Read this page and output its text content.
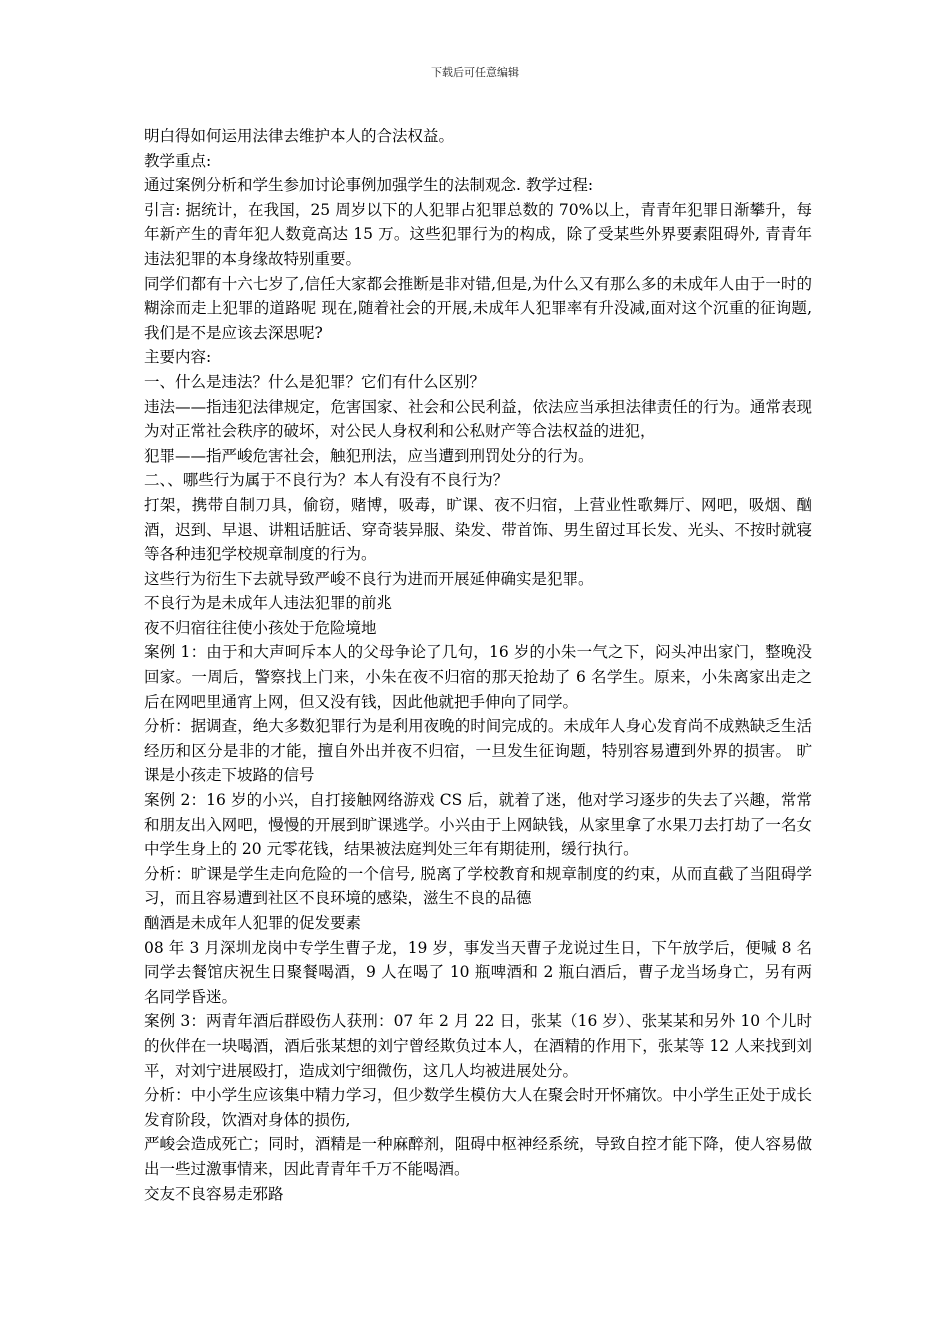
下载后可任意编辑

明白得如何运用法律去维护本人的合法权益。

教学重点:

通过案例分析和学生参加讨论事例加强学生的法制观念. 教学过程:

引言: 据统计，在我国，25 周岁以下的人犯罪占犯罪总数的 70%以上，青青年犯罪日渐攀升，每年新产生的青年犯人数竟高达 15 万。这些犯罪行为的构成，除了受某些外界要素阻碍外, 青青年违法犯罪的本身缘故特别重要。

同学们都有十六七岁了,信任大家都会推断是非对错,但是,为什么又有那么多的未成年人由于一时的糊涂而走上犯罪的道路呢 现在,随着社会的开展,未成年人犯罪率有升没减,面对这个沉重的征询题,我们是不是应该去深思呢?

主要内容:

一、什么是违法？什么是犯罪？它们有什么区别？

违法——指违犯法律规定，危害国家、社会和公民利益，依法应当承担法律责任的行为。通常表现为对正常社会秩序的破坏，对公民人身权利和公私财产等合法权益的进犯，

犯罪——指严峻危害社会，触犯刑法，应当遭到刑罚处分的行为。

二、、哪些行为属于不良行为？本人有没有不良行为？

打架，携带自制刀具，偷窃，赌博，吸毒，旷课、夜不归宿，上营业性歌舞厅、网吧，吸烟、酗酒，迟到、早退、讲粗话脏话、穿奇装异服、染发、带首饰、男生留过耳长发、光头、不按时就寝等各种违犯学校规章制度的行为。

这些行为衍生下去就导致严峻不良行为进而开展延伸确实是犯罪。

不良行为是未成年人违法犯罪的前兆

夜不归宿往往使小孩处于危险境地

案例 1：由于和大声呵斥本人的父母争论了几句，16 岁的小朱一气之下，闷头冲出家门，整晚没回家。一周后，警察找上门来，小朱在夜不归宿的那天抢劫了 6 名学生。原来，小朱离家出走之后在网吧里通宵上网，但又没有钱，因此他就把手伸向了同学。

分析：据调查，绝大多数犯罪行为是利用夜晚的时间完成的。未成年人身心发育尚不成熟缺乏生活经历和区分是非的才能，擅自外出并夜不归宿，一旦发生征询题，特别容易遭到外界的损害。 旷课是小孩走下坡路的信号

案例 2：16 岁的小兴，自打接触网络游戏 CS 后，就着了迷，他对学习逐步的失去了兴趣，常常和朋友出入网吧，慢慢的开展到旷课逃学。小兴由于上网缺钱，从家里拿了水果刀去打劫了一名女中学生身上的 20 元零花钱，结果被法庭判处三年有期徒刑，缓行执行。

分析：旷课是学生走向危险的一个信号, 脱离了学校教育和规章制度的约束，从而直截了当阻碍学习，而且容易遭到社区不良环境的感染，滋生不良的品德

酗酒是未成年人犯罪的促发要素

08 年 3 月深圳龙岗中专学生曹子龙，19 岁，事发当天曹子龙说过生日，下午放学后，便喊 8 名同学去餐馆庆祝生日聚餐喝酒，9 人在喝了 10 瓶啤酒和 2 瓶白酒后，曹子龙当场身亡，另有两名同学昏迷。

案例 3：两青年酒后群殴伤人获刑：07 年 2 月 22 日，张某（16 岁）、张某某和另外 10 个儿时的伙伴在一块喝酒，酒后张某想的刘宁曾经欺负过本人，在酒精的作用下，张某等 12 人来找到刘平，对刘宁进展殴打，造成刘宁细微伤，这几人均被进展处分。

分析：中小学生应该集中精力学习，但少数学生模仿大人在聚会时开怀痛饮。中小学生正处于成长发育阶段，饮酒对身体的损伤,

严峻会造成死亡；同时，酒精是一种麻醉剂，阻碍中枢神经系统，导致自控才能下降，使人容易做出一些过激事情来，因此青青年千万不能喝酒。

交友不良容易走邪路
